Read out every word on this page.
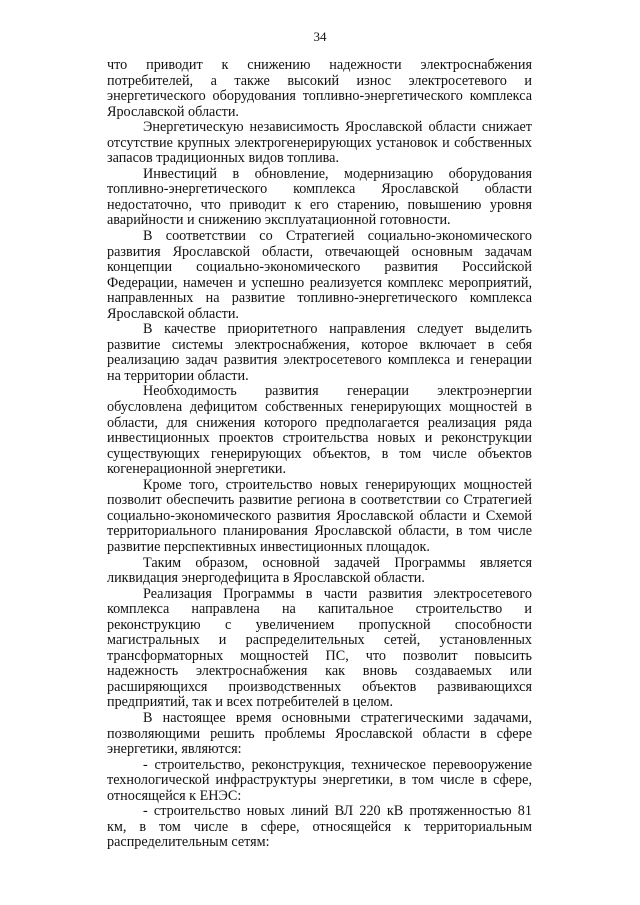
34

что приводит к снижению надежности электроснабжения потребителей, а также высокий износ электросетевого и энергетического оборудования топливно-энергетического комплекса Ярославской области.

Энергетическую независимость Ярославской области снижает отсутствие крупных электрогенерирующих установок и собственных запасов традиционных видов топлива.

Инвестиций в обновление, модернизацию оборудования топливно-энергетического комплекса Ярославской области недостаточно, что приводит к его старению, повышению уровня аварийности и снижению эксплуатационной готовности.

В соответствии со Стратегией социально-экономического развития Ярославской области, отвечающей основным задачам концепции социально-экономического развития Российской Федерации, намечен и успешно реализуется комплекс мероприятий, направленных на развитие топливно-энергетического комплекса Ярославской области.

В качестве приоритетного направления следует выделить развитие системы электроснабжения, которое включает в себя реализацию задач развития электросетевого комплекса и генерации на территории области.

Необходимость развития генерации электроэнергии обусловлена дефицитом собственных генерирующих мощностей в области, для снижения которого предполагается реализация ряда инвестиционных проектов строительства новых и реконструкции существующих генерирующих объектов, в том числе объектов когенерационной энергетики.

Кроме того, строительство новых генерирующих мощностей позволит обеспечить развитие региона в соответствии со Стратегией социально-экономического развития Ярославской области и Схемой территориального планирования Ярославской области, в том числе развитие перспективных инвестиционных площадок.

Таким образом, основной задачей Программы является ликвидация энергодефицита в Ярославской области.

Реализация Программы в части развития электросетевого комплекса направлена на капитальное строительство и реконструкцию с увеличением пропускной способности магистральных и распределительных сетей, установленных трансформаторных мощностей ПС, что позволит повысить надежность электроснабжения как вновь создаваемых или расширяющихся производственных объектов развивающихся предприятий, так и всех потребителей в целом.

В настоящее время основными стратегическими задачами, позволяющими решить проблемы Ярославской области в сфере энергетики, являются:

- строительство, реконструкция, техническое перевооружение технологической инфраструктуры энергетики, в том числе в сфере, относящейся к ЕНЭС:

- строительство новых линий ВЛ 220 кВ протяженностью 81 км, в том числе в сфере, относящейся к территориальным распределительным сетям:
